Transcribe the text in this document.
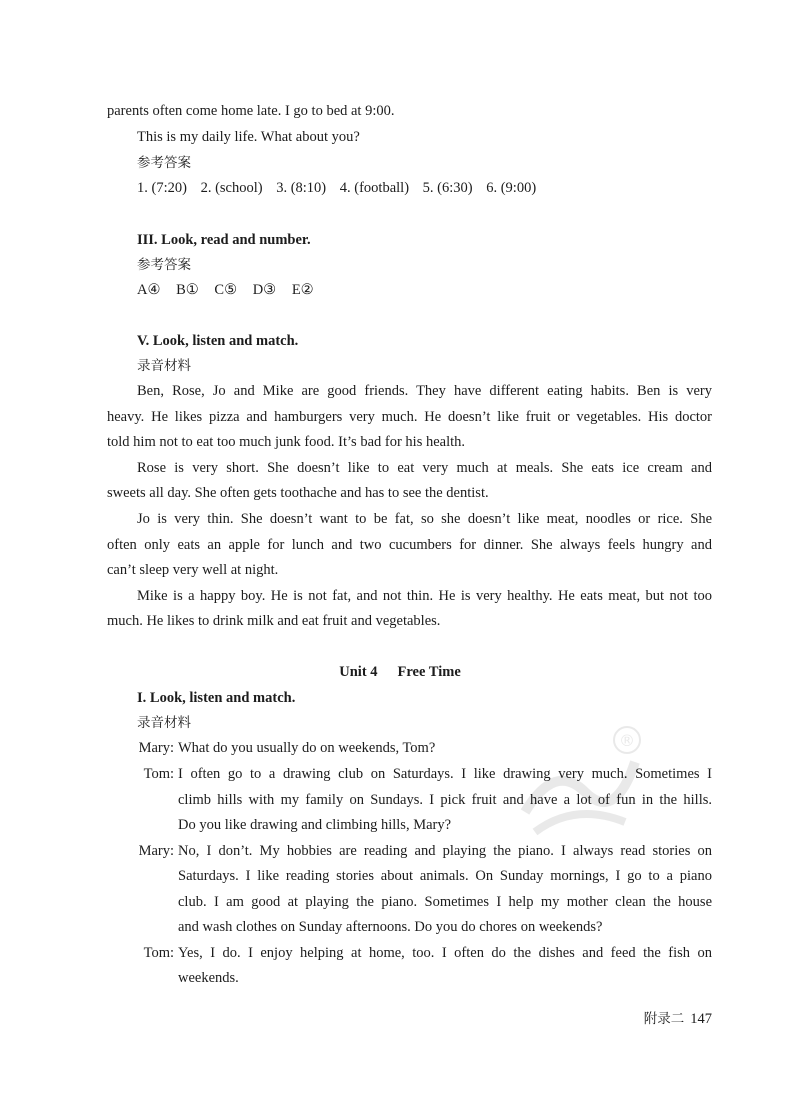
®
parents often come home late. I go to bed at 9:00.
This is my daily life. What about you?
参考答案
1. (7:20) 2. (school) 3. (8:10) 4. (football) 5. (6:30) 6. (9:00)
III. Look, read and number.
参考答案
A④ B① C⑤ D③ E②
V. Look, listen and match.
录音材料
Ben, Rose, Jo and Mike are good friends. They have different eating habits. Ben is very
heavy. He likes pizza and hamburgers very much. He doesn’t like fruit or vegetables. His doctor
told him not to eat too much junk food. It’s bad for his health.
Rose is very short. She doesn’t like to eat very much at meals. She eats ice cream and
sweets all day. She often gets toothache and has to see the dentist.
Jo is very thin. She doesn’t want to be fat, so she doesn’t like meat, noodles or rice. She
often only eats an apple for lunch and two cucumbers for dinner. She always feels hungry and
can’t sleep very well at night.
Mike is a happy boy. He is not fat, and not thin. He is very healthy. He eats meat, but not too
much. He likes to drink milk and eat fruit and vegetables.
Unit 4 Free Time
I. Look, listen and match.
录音材料
Mary: What do you usually do on weekends, Tom?
Tom: I often go to a drawing club on Saturdays. I like drawing very much. Sometimes I
climb hills with my family on Sundays. I pick fruit and have a lot of fun in the hills.
Do you like drawing and climbing hills, Mary?
Mary: No, I don’t. My hobbies are reading and playing the piano. I always read stories on
Saturdays. I like reading stories about animals. On Sunday mornings, I go to a piano
club. I am good at playing the piano. Sometimes I help my mother clean the house
and wash clothes on Sunday afternoons. Do you do chores on weekends?
Tom: Yes, I do. I enjoy helping at home, too. I often do the dishes and feed the fish on
weekends.
附录二 147
